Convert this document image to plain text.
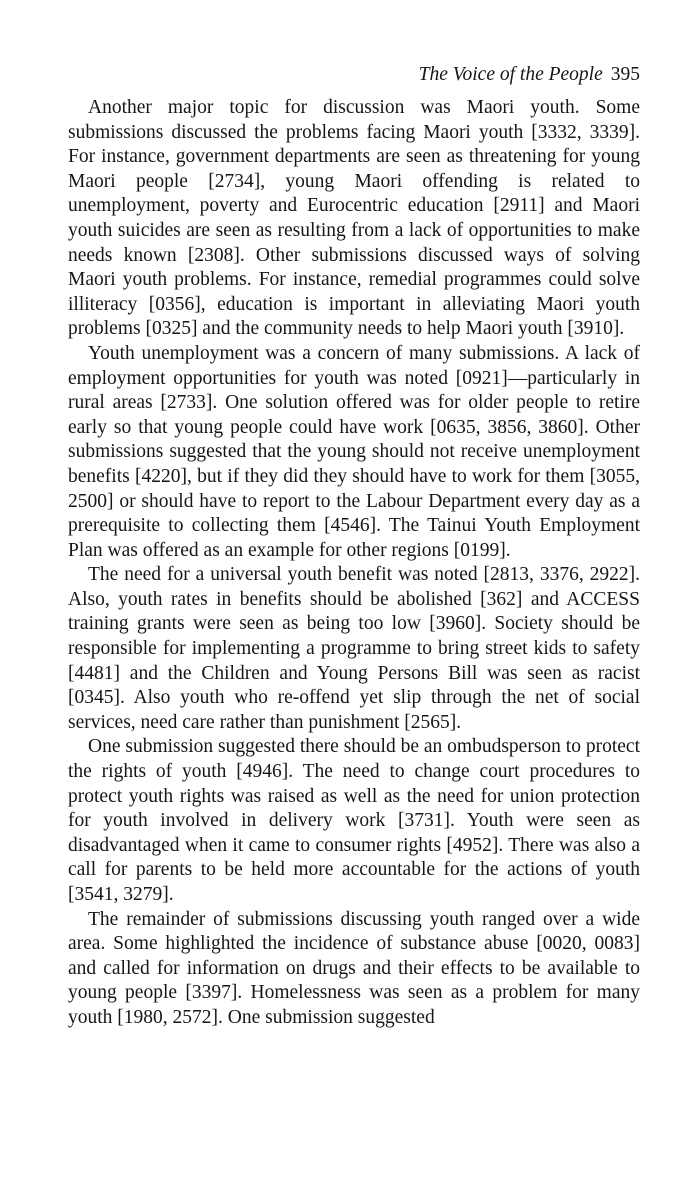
The Voice of the People 395

Another major topic for discussion was Maori youth. Some submissions discussed the problems facing Maori youth [3332, 3339]. For instance, government departments are seen as threatening for young Maori people [2734], young Maori offending is related to unemployment, poverty and Eurocentric education [2911] and Maori youth suicides are seen as resulting from a lack of opportunities to make needs known [2308]. Other submissions discussed ways of solving Maori youth problems. For instance, remedial programmes could solve illiteracy [0356], education is important in alleviating Maori youth problems [0325] and the community needs to help Maori youth [3910].

Youth unemployment was a concern of many submissions. A lack of employment opportunities for youth was noted [0921]—particularly in rural areas [2733]. One solution offered was for older people to retire early so that young people could have work [0635, 3856, 3860]. Other submissions suggested that the young should not receive unemployment benefits [4220], but if they did they should have to work for them [3055, 2500] or should have to report to the Labour Department every day as a prerequisite to collecting them [4546]. The Tainui Youth Employment Plan was offered as an example for other regions [0199].

The need for a universal youth benefit was noted [2813, 3376, 2922]. Also, youth rates in benefits should be abolished [362] and ACCESS training grants were seen as being too low [3960]. Society should be responsible for implementing a programme to bring street kids to safety [4481] and the Children and Young Persons Bill was seen as racist [0345]. Also youth who re-offend yet slip through the net of social services, need care rather than punishment [2565].

One submission suggested there should be an ombudsperson to protect the rights of youth [4946]. The need to change court procedures to protect youth rights was raised as well as the need for union protection for youth involved in delivery work [3731]. Youth were seen as disadvantaged when it came to consumer rights [4952]. There was also a call for parents to be held more accountable for the actions of youth [3541, 3279].

The remainder of submissions discussing youth ranged over a wide area. Some highlighted the incidence of substance abuse [0020, 0083] and called for information on drugs and their effects to be available to young people [3397]. Homelessness was seen as a problem for many youth [1980, 2572]. One submission suggested
